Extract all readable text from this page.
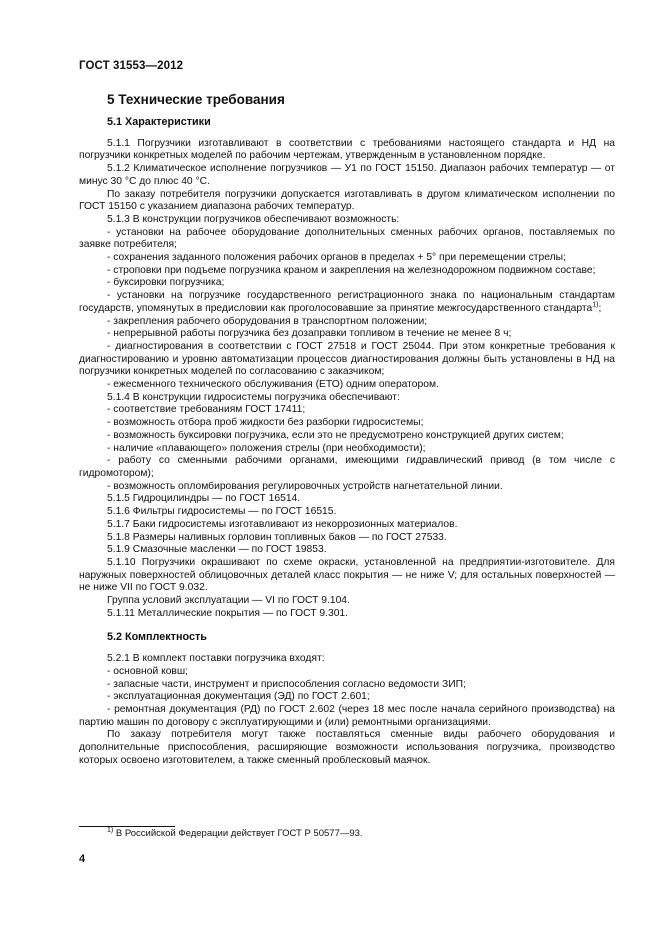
ГОСТ 31553—2012
5 Технические требования

5.1 Характеристики

5.1.1 Погрузчики изготавливают в соответствии с требованиями настоящего стандарта и НД на погрузчики конкретных моделей по рабочим чертежам, утвержденным в установленном порядке.

5.1.2 Климатическое исполнение погрузчиков — У1 по ГОСТ 15150. Диапазон рабочих температур — от минус 30 °С до плюс 40 °С.

По заказу потребителя погрузчики допускается изготавливать в другом климатическом исполнении по ГОСТ 15150 с указанием диапазона рабочих температур.

5.1.3 В конструкции погрузчиков обеспечивают возможность:

- установки на рабочее оборудование дополнительных сменных рабочих органов, поставляемых по заявке потребителя;

- сохранения заданного положения рабочих органов в пределах + 5° при перемещении стрелы;

- строповки при подъеме погрузчика краном и закрепления на железнодорожном подвижном составе;

- буксировки погрузчика;

- установки на погрузчике государственного регистрационного знака по национальным стандартам государств, упомянутых в предисловии как проголосовавшие за принятие межгосударственного стандарта$^{1)}$;

- закрепления рабочего оборудования в транспортном положении;

- непрерывной работы погрузчика без дозаправки топливом в течение не менее 8 ч;

- диагностирования в соответствии с ГОСТ 27518 и ГОСТ 25044. При этом конкретные требования к диагностированию и уровню автоматизации процессов диагностирования должны быть установлены в НД на погрузчики конкретных моделей по согласованию с заказчиком;

- ежесменного технического обслуживания (ЕТО) одним оператором.

5.1.4 В конструкции гидросистемы погрузчика обеспечивают:

- соответствие требованиям ГОСТ 17411;

- возможность отбора проб жидкости без разборки гидросистемы;

- возможность буксировки погрузчика, если это не предусмотрено конструкцией других систем;

- наличие «плавающего» положения стрелы (при необходимости);

- работу со сменными рабочими органами, имеющими гидравлический привод (в том числе с гидромотором);

- возможность опломбирования регулировочных устройств нагнетательной линии.

5.1.5 Гидроцилиндры — по ГОСТ 16514.

5.1.6 Фильтры гидросистемы — по ГОСТ 16515.

5.1.7 Баки гидросистемы изготавливают из некоррозионных материалов.

5.1.8 Размеры наливных горловин топливных баков — по ГОСТ 27533.

5.1.9 Смазочные масленки — по ГОСТ 19853.

5.1.10 Погрузчики окрашивают по схеме окраски, установленной на предприятии-изготовителе. Для наружных поверхностей облицовочных деталей класс покрытия — не ниже V; для остальных поверхностей — не ниже VII по ГОСТ 9.032.

Группа условий эксплуатации — VI по ГОСТ 9.104.

5.1.11 Металлические покрытия — по ГОСТ 9.301.

5.2 Комплектность

5.2.1 В комплект поставки погрузчика входят:

- основной ковш;

- запасные части, инструмент и приспособления согласно ведомости ЗИП;

- эксплуатационная документация (ЭД) по ГОСТ 2.601;

- ремонтная документация (РД) по ГОСТ 2.602 (через 18 мес после начала серийного производства) на партию машин по договору с эксплуатирующими и (или) ремонтными организациями.

По заказу потребителя могут также поставляться сменные виды рабочего оборудования и дополнительные приспособления, расширяющие возможности использования погрузчика, производство которых освоено изготовителем, а также сменный проблесковый маячок.

$^{1)}$ В Российской Федерации действует ГОСТ Р 50577—93.
4
